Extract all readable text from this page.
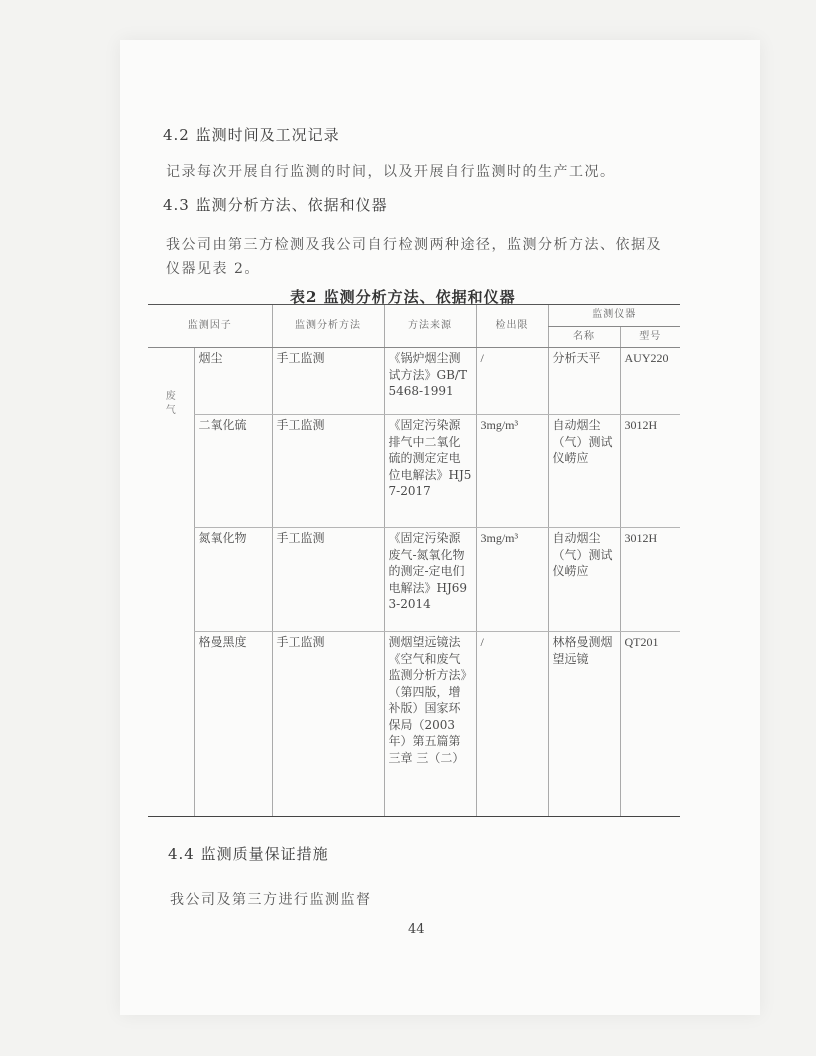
4.2 监测时间及工况记录
记录每次开展自行监测的时间，以及开展自行监测时的生产工况。
4.3 监测分析方法、依据和仪器
我公司由第三方检测及我公司自行检测两种途径，监测分析方法、依据及
仪器见表 2。
表2 监测分析方法、依据和仪器
监测因子		监测分析方法	方法来源	检出限	监测仪器	
					名称	型号
废气	烟尘	手工监测	《锅炉烟尘测试方法》GB/T5468-1991	/	分析天平	AUY220
	二氧化硫	手工监测	《固定污染源排气中二氧化硫的测定定电位电解法》HJ57-2017	3mg/m³	自动烟尘（气）测试仪崂应	3012H
	氮氧化物	手工监测	《固定污染源废气-氮氧化物的测定-定电们电解法》HJ693-2014	3mg/m³	自动烟尘（气）测试仪崂应	3012H
	格曼黑度	手工监测	测烟望远镜法《空气和废气监测分析方法》（第四版，增补版）国家环保局（2003年）第五篇第三章 三（二）	/	林格曼测烟望远镜	QT201
4.4 监测质量保证措施
我公司及第三方进行监测监督
44
